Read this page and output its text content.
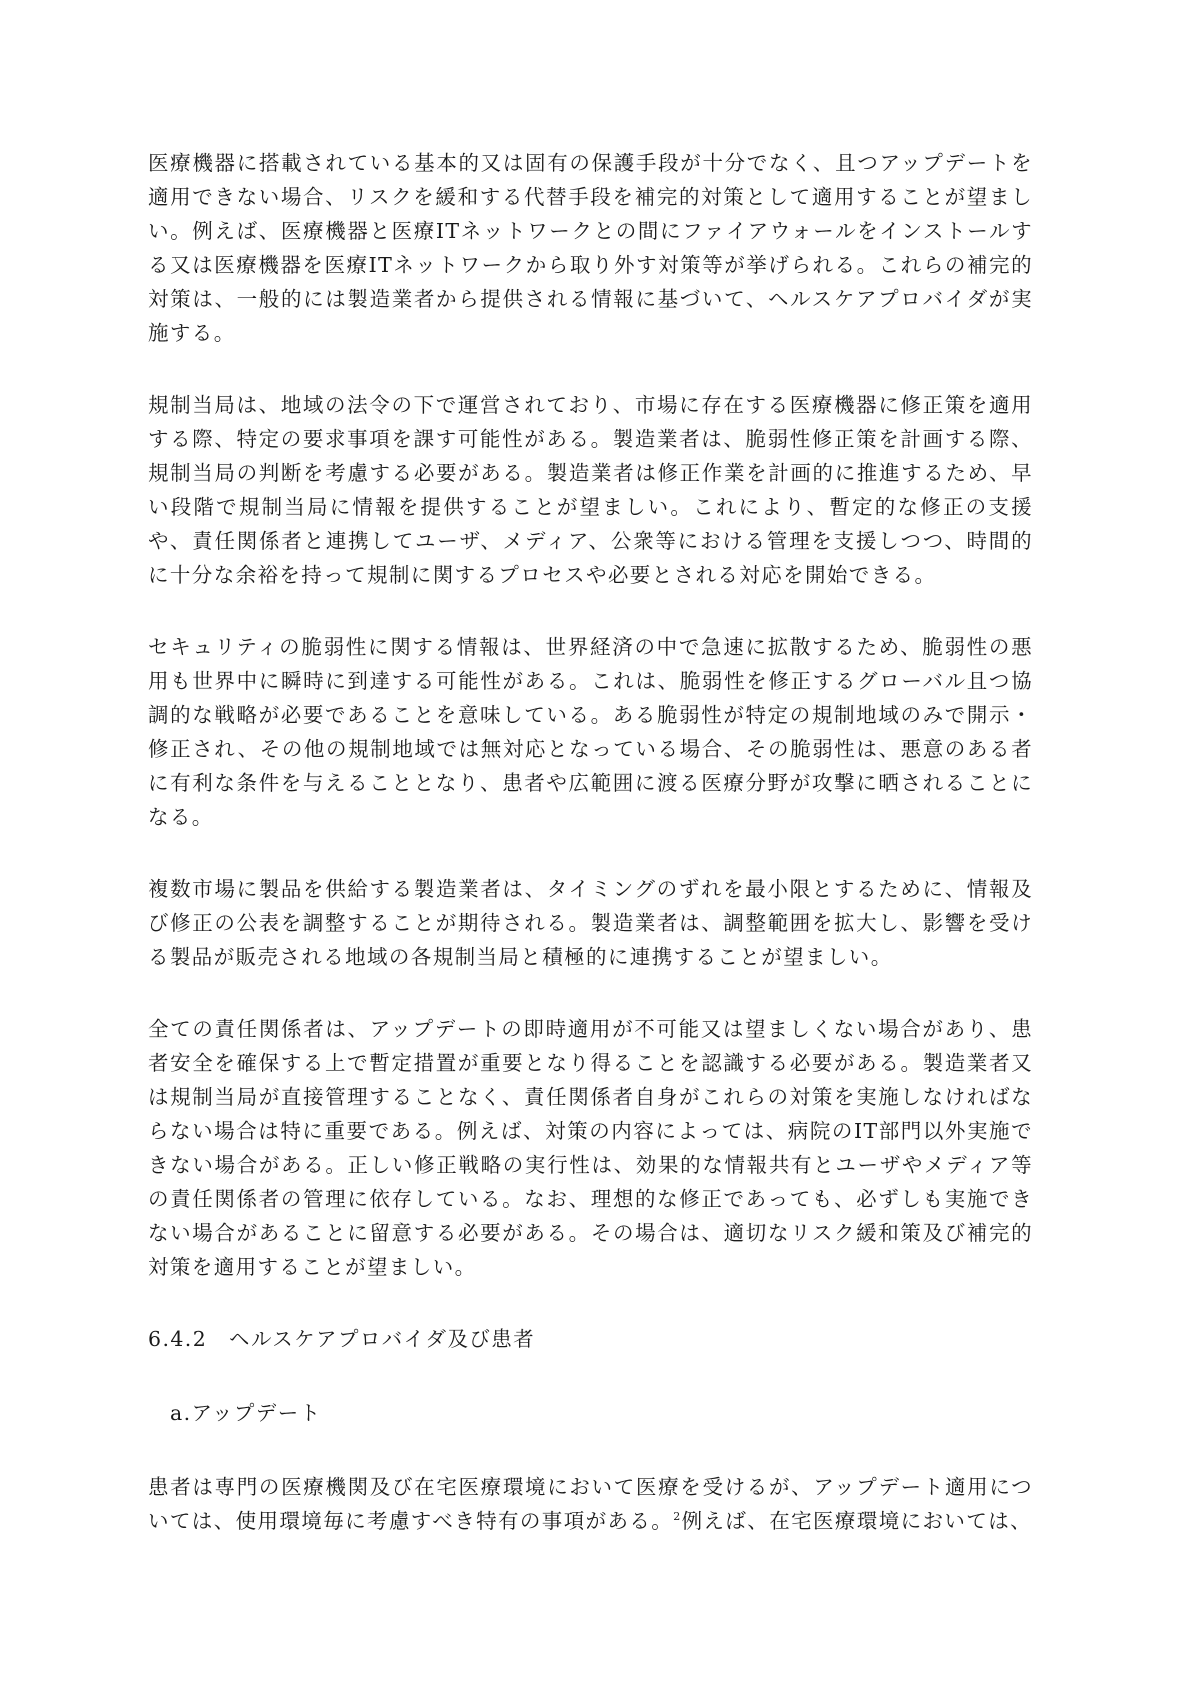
医療機器に搭載されている基本的又は固有の保護手段が十分でなく、且つアップデートを適用できない場合、リスクを緩和する代替手段を補完的対策として適用することが望ましい。例えば、医療機器と医療ITネットワークとの間にファイアウォールをインストールする又は医療機器を医療ITネットワークから取り外す対策等が挙げられる。これらの補完的対策は、一般的には製造業者から提供される情報に基づいて、ヘルスケアプロバイダが実施する。

規制当局は、地域の法令の下で運営されており、市場に存在する医療機器に修正策を適用する際、特定の要求事項を課す可能性がある。製造業者は、脆弱性修正策を計画する際、規制当局の判断を考慮する必要がある。製造業者は修正作業を計画的に推進するため、早い段階で規制当局に情報を提供することが望ましい。これにより、暫定的な修正の支援や、責任関係者と連携してユーザ、メディア、公衆等における管理を支援しつつ、時間的に十分な余裕を持って規制に関するプロセスや必要とされる対応を開始できる。

セキュリティの脆弱性に関する情報は、世界経済の中で急速に拡散するため、脆弱性の悪用も世界中に瞬時に到達する可能性がある。これは、脆弱性を修正するグローバル且つ協調的な戦略が必要であることを意味している。ある脆弱性が特定の規制地域のみで開示・修正され、その他の規制地域では無対応となっている場合、その脆弱性は、悪意のある者に有利な条件を与えることとなり、患者や広範囲に渡る医療分野が攻撃に晒されることになる。

複数市場に製品を供給する製造業者は、タイミングのずれを最小限とするために、情報及び修正の公表を調整することが期待される。製造業者は、調整範囲を拡大し、影響を受ける製品が販売される地域の各規制当局と積極的に連携することが望ましい。

全ての責任関係者は、アップデートの即時適用が不可能又は望ましくない場合があり、患者安全を確保する上で暫定措置が重要となり得ることを認識する必要がある。製造業者又は規制当局が直接管理することなく、責任関係者自身がこれらの対策を実施しなければならない場合は特に重要である。例えば、対策の内容によっては、病院のIT部門以外実施できない場合がある。正しい修正戦略の実行性は、効果的な情報共有とユーザやメディア等の責任関係者の管理に依存している。なお、理想的な修正であっても、必ずしも実施できない場合があることに留意する必要がある。その場合は、適切なリスク緩和策及び補完的対策を適用することが望ましい。

6.4.2　ヘルスケアプロバイダ及び患者
a.アップデート

患者は専門の医療機関及び在宅医療環境において医療を受けるが、アップデート適用については、使用環境毎に考慮すべき特有の事項がある。$^2$例えば、在宅医療環境においては、
